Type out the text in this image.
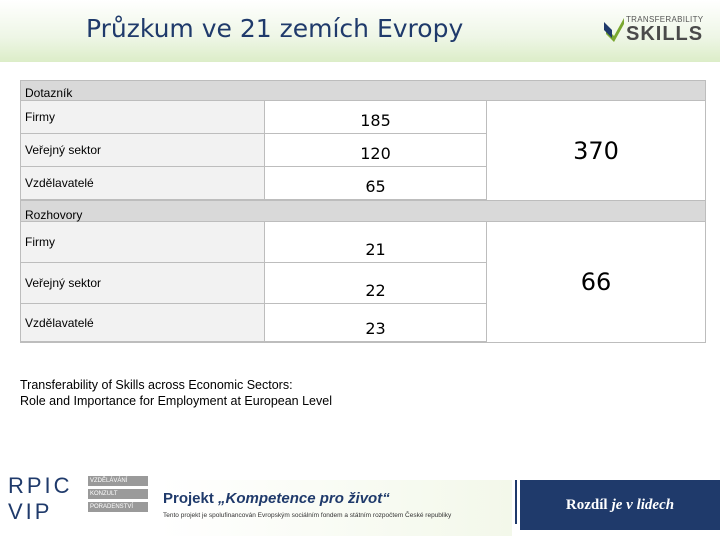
Průzkum ve 21 zemích Evropy	TRANSFERABILITY
SKILLS
Dotazník
Firmy	185
Veřejný sektor	120
Vzdělavatelé	65
370
Rozhovory
Firmy	21
Veřejný sektor	22
Vzdělavatelé	23
66
Transferability of Skills across Economic Sectors:
Role and Importance for Employment at European Level
RPIC
VIP
VZDĚLÁVÁNÍ
KONZULT
PORADENSTVÍ	Projekt „Kompetence pro život“
Tento projekt je spolufinancován Evropským sociálním fondem a státním rozpočtem České republiky
Rozdíl je v lidech
